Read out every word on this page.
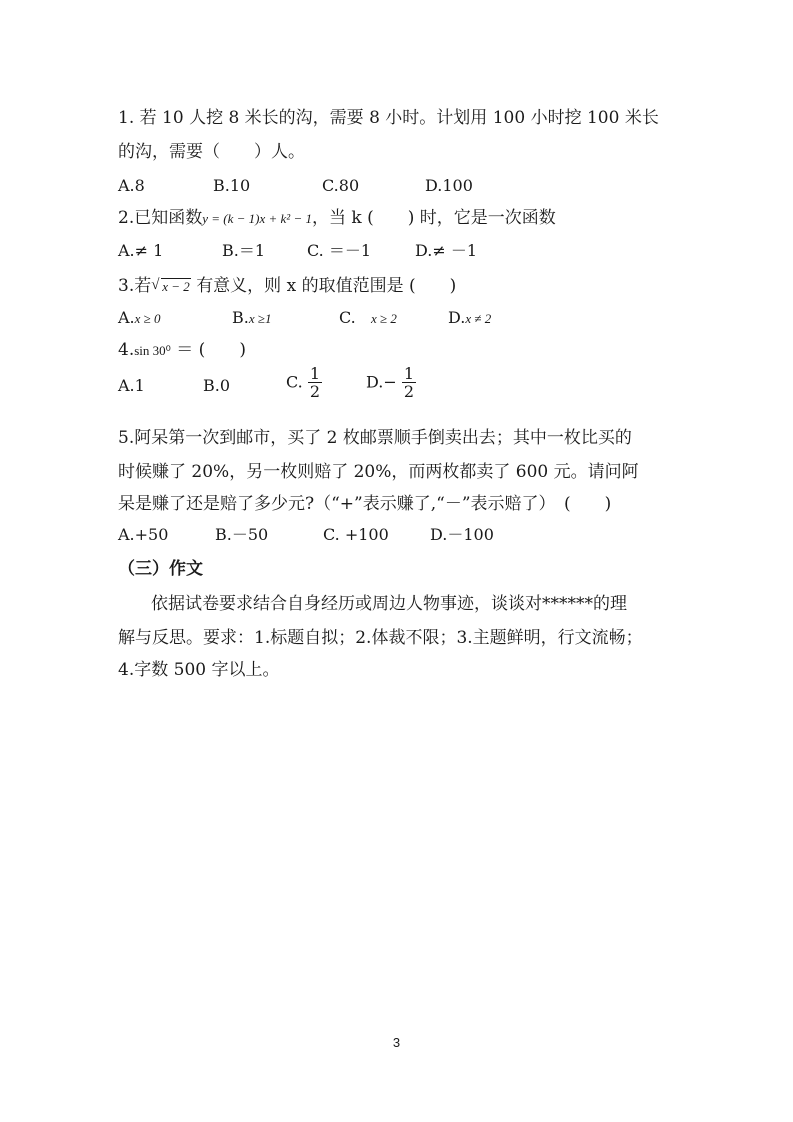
1. 若 10 人挖 8 米长的沟，需要 8 小时。计划用 100 小时挖 100 米长
的沟，需要（　　）人。
A.8	B.10	C.80	D.100
2.已知函数y = (k − 1)x + k² − 1，当 k (　　) 时，它是一次函数
A.≠ 1	B.＝1	C. ＝－1	D.≠ －1
3.若 √ x − 2 有意义，则 x 的取值范围是 (　　)
A.x ≥ 0	B.x ≥1	C. x ≥ 2	D.x ≠ 2
4.sin 30⁰ ＝ (　　)
A.1	B.0	C. $\frac{1}{2}$	$D.- \frac{1}{2}$
5.阿呆第一次到邮市，买了 2 枚邮票顺手倒卖出去；其中一枚比买的
时候赚了 20%，另一枚则赔了 20%，而两枚都卖了 600 元。请问阿
呆是赚了还是赔了多少元?（“+”表示赚了,“－”表示赔了）　(　　)
A.+50	B.－50	C. +100	D.－100
（三）作文
依据试卷要求结合自身经历或周边人物事迹，谈谈对******的理
解与反思。要求：1.标题自拟；2.体裁不限；3.主题鲜明，行文流畅；
4.字数 500 字以上。
3
